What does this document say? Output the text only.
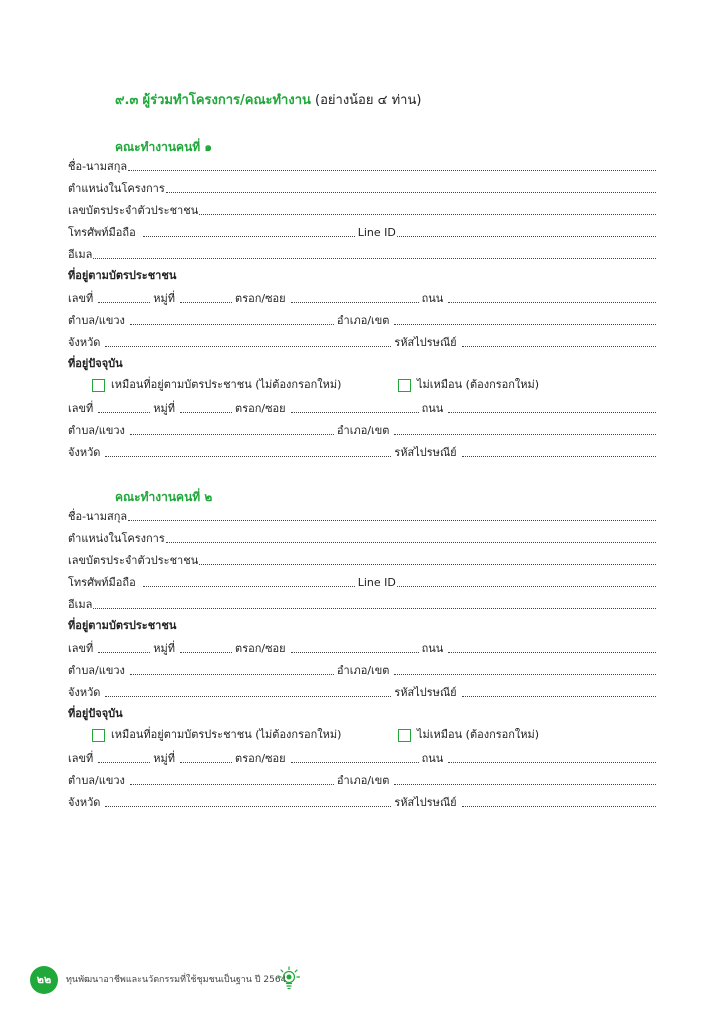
๙.๓ ผู้ร่วมทำโครงการ/คณะทำงาน (อย่างน้อย ๔ ท่าน)
คณะทำงานคนที่ ๑
ชื่อ-นามสกุล
ตำแหน่งในโครงการ
เลขบัตรประจำตัวประชาชน
โทรศัพท์มือถือ	Line ID
อีเมล
ที่อยู่ตามบัตรประชาชน
เลขที่	หมู่ที่	ตรอก/ซอย	ถนน
ตำบล/แขวง	อำเภอ/เขต
จังหวัด	รหัสไปรษณีย์
ที่อยู่ปัจจุบัน
เหมือนที่อยู่ตามบัตรประชาชน (ไม่ต้องกรอกใหม่)	ไม่เหมือน (ต้องกรอกใหม่)
เลขที่	หมู่ที่	ตรอก/ซอย	ถนน
ตำบล/แขวง	อำเภอ/เขต
จังหวัด	รหัสไปรษณีย์
คณะทำงานคนที่ ๒
ชื่อ-นามสกุล
ตำแหน่งในโครงการ
เลขบัตรประจำตัวประชาชน
โทรศัพท์มือถือ	Line ID
อีเมล
ที่อยู่ตามบัตรประชาชน
เลขที่	หมู่ที่	ตรอก/ซอย	ถนน
ตำบล/แขวง	อำเภอ/เขต
จังหวัด	รหัสไปรษณีย์
ที่อยู่ปัจจุบัน
เหมือนที่อยู่ตามบัตรประชาชน (ไม่ต้องกรอกใหม่)	ไม่เหมือน (ต้องกรอกใหม่)
เลขที่	หมู่ที่	ตรอก/ซอย	ถนน
ตำบล/แขวง	อำเภอ/เขต
จังหวัด	รหัสไปรษณีย์
๒๒	ทุนพัฒนาอาชีพและนวัตกรรมที่ใช้ชุมชนเป็นฐาน ปี 2564
